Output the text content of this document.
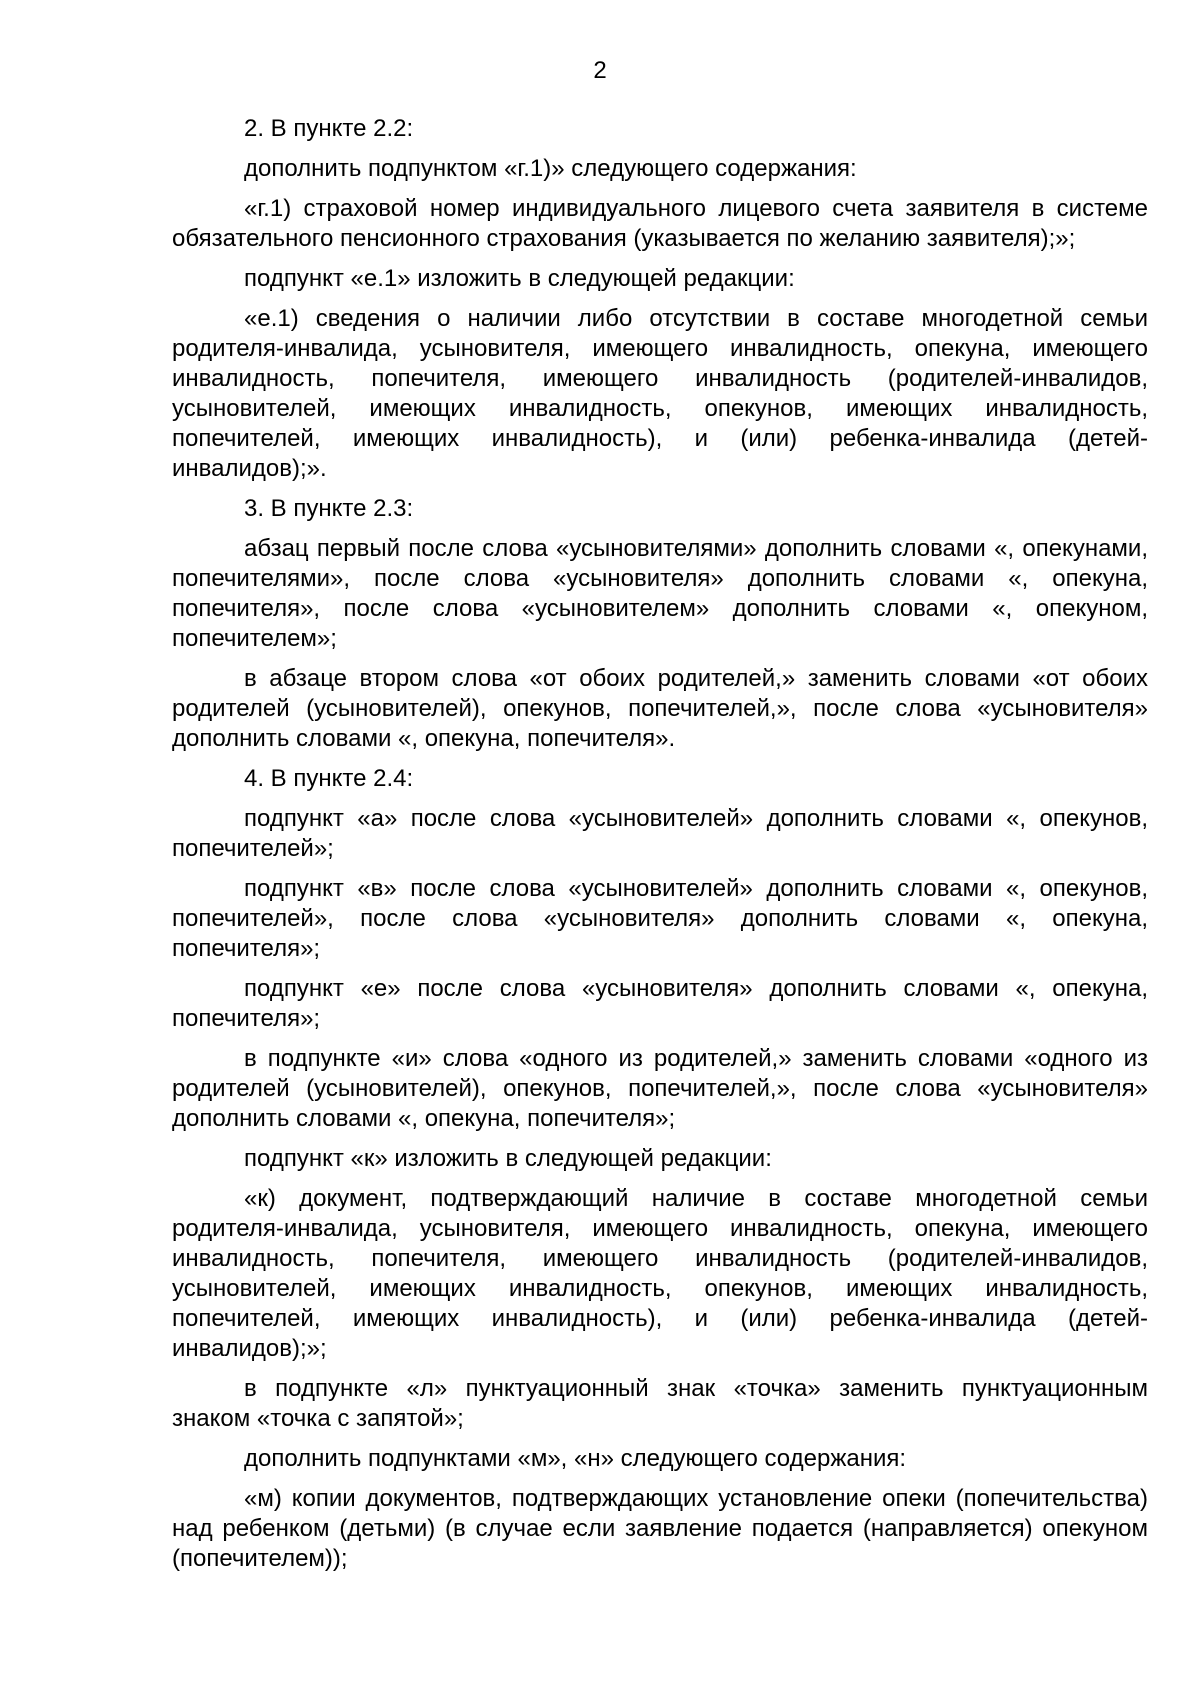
2

2. В пункте 2.2:

дополнить подпунктом «г.1)» следующего содержания:

«г.1) страховой номер индивидуального лицевого счета заявителя в системе обязательного пенсионного страхования (указывается по желанию заявителя);»;

подпункт «е.1» изложить в следующей редакции:

«е.1) сведения о наличии либо отсутствии в составе многодетной семьи родителя-инвалида, усыновителя, имеющего инвалидность, опекуна, имеющего инвалидность, попечителя, имеющего инвалидность (родителей-инвалидов, усыновителей, имеющих инвалидность, опекунов, имеющих инвалидность, попечителей, имеющих инвалидность), и (или) ребенка-инвалида (детей-инвалидов);».

3. В пункте 2.3:

абзац первый после слова «усыновителями» дополнить словами «, опекунами, попечителями», после слова «усыновителя» дополнить словами «, опекуна, попечителя», после слова «усыновителем» дополнить словами «, опекуном, попечителем»;

в абзаце втором слова «от обоих родителей,» заменить словами «от обоих родителей (усыновителей), опекунов, попечителей,», после слова «усыновителя» дополнить словами «, опекуна, попечителя».

4. В пункте 2.4:

подпункт «а» после слова «усыновителей» дополнить словами «, опекунов, попечителей»;

подпункт «в» после слова «усыновителей» дополнить словами «, опекунов, попечителей», после слова «усыновителя» дополнить словами «, опекуна, попечителя»;

подпункт «е» после слова «усыновителя» дополнить словами «, опекуна, попечителя»;

в подпункте «и» слова «одного из родителей,» заменить словами «одного из родителей (усыновителей), опекунов, попечителей,», после слова «усыновителя» дополнить словами «, опекуна, попечителя»;

подпункт «к» изложить в следующей редакции:

«к) документ, подтверждающий наличие в составе многодетной семьи родителя-инвалида, усыновителя, имеющего инвалидность, опекуна, имеющего инвалидность, попечителя, имеющего инвалидность (родителей-инвалидов, усыновителей, имеющих инвалидность, опекунов, имеющих инвалидность, попечителей, имеющих инвалидность), и (или) ребенка-инвалида (детей-инвалидов);»;

в подпункте «л» пунктуационный знак «точка» заменить пунктуационным знаком «точка с запятой»;

дополнить подпунктами «м», «н» следующего содержания:

«м) копии документов, подтверждающих установление опеки (попечительства) над ребенком (детьми) (в случае если заявление подается (направляется) опекуном (попечителем));
